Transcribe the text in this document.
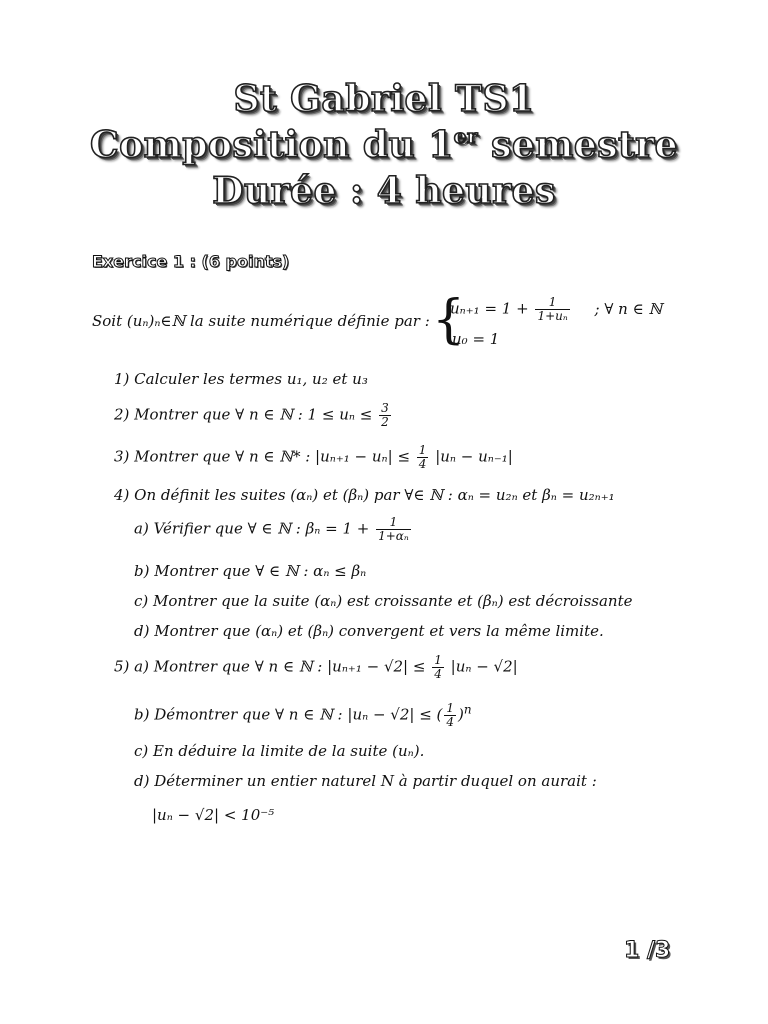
St Gabriel TS1
Composition du 1er semestre
Durée : 4 heures
Exercice 1 : (6 points)
Soit (uₙ)ₙ∈ℕ la suite numérique définie par : {
$u_{n+1} = 1 + \frac{1}{\text{1+uₙ}}$ ; ∀ n ∈ ℕ
u₀ = 1
1) Calculer les termes u₁, u₂ et u₃
2) Montrer que ∀ n ∈ ℕ : $1 \le u_n \le \frac{3}{2}$
3) Montrer que ∀ n ∈ ℕ* : $|u_{n+1} - u_n| \le \frac{1}{4} |u_n - u_{n-1}|$
4) On définit les suites (αₙ) et (βₙ) par ∀∈ ℕ : αₙ = u₂ₙ et βₙ = u₂ₙ₊₁
a) Vérifier que ∀ ∈ ℕ : $\beta_n = 1 + \frac{1}{\text{1+αₙ}}$
b) Montrer que ∀ ∈ ℕ : αₙ ≤ βₙ
c) Montrer que la suite (αₙ) est croissante et (βₙ) est décroissante
d) Montrer que (αₙ) et (βₙ) convergent et vers la même limite.
5) a) Montrer que ∀ n ∈ ℕ : $|u_{n+1} - √2| \le \frac{1}{4} |u_n - √2|$
b) Démontrer que ∀ n ∈ ℕ : |uₙ − √2| ≤ ( $\frac{1}{4} )^n$
c) En déduire la limite de la suite (uₙ).
d) Déterminer un entier naturel N à partir duquel on aurait :
|uₙ − √2| < 10⁻⁵
1 /3
